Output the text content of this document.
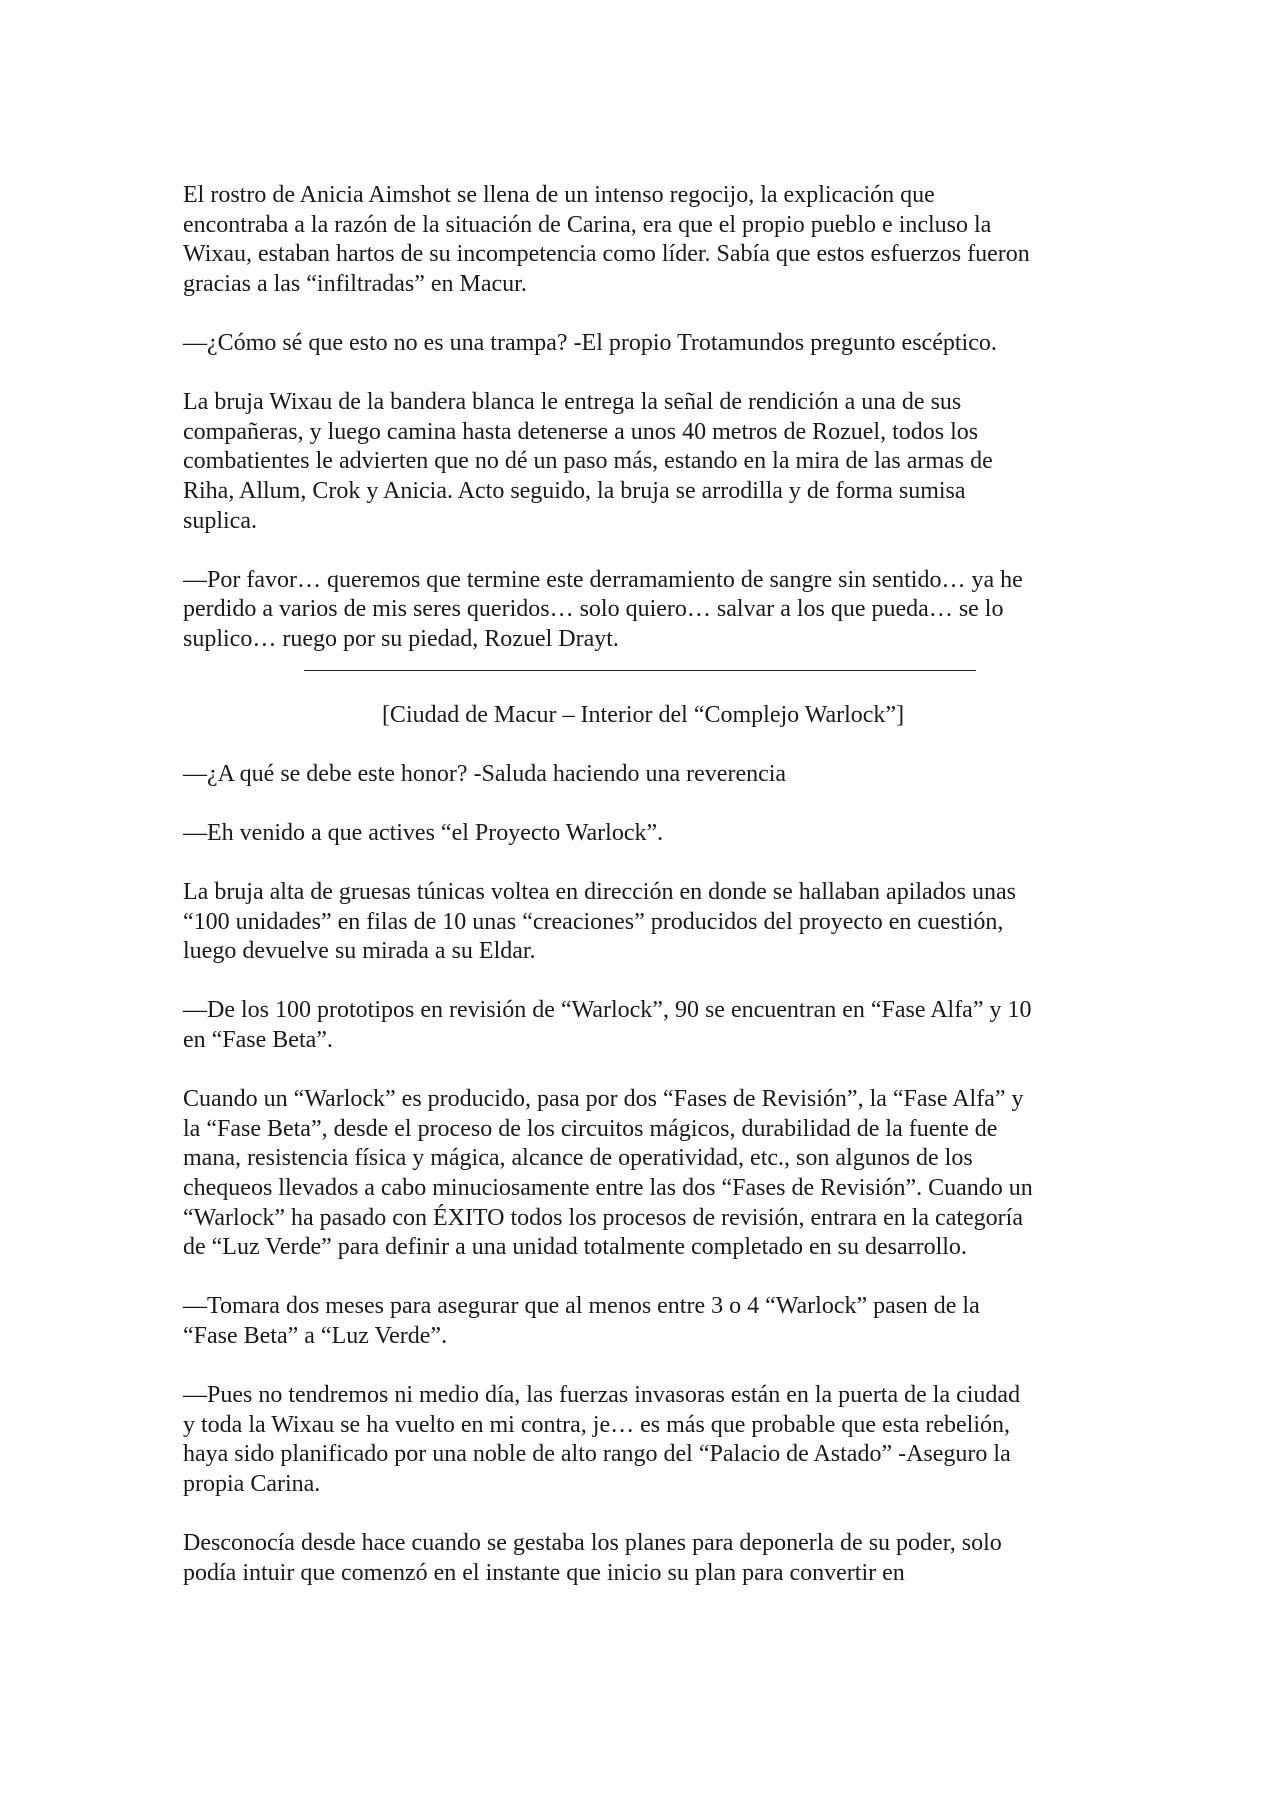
El rostro de Anicia Aimshot se llena de un intenso regocijo, la explicación que
encontraba a la razón de la situación de Carina, era que el propio pueblo e incluso la
Wixau, estaban hartos de su incompetencia como líder. Sabía que estos esfuerzos fueron
gracias a las “infiltradas” en Macur.

—¿Cómo sé que esto no es una trampa? -El propio Trotamundos pregunto escéptico.

La bruja Wixau de la bandera blanca le entrega la señal de rendición a una de sus
compañeras, y luego camina hasta detenerse a unos 40 metros de Rozuel, todos los
combatientes le advierten que no dé un paso más, estando en la mira de las armas de
Riha, Allum, Crok y Anicia. Acto seguido, la bruja se arrodilla y de forma sumisa
suplica.

—Por favor… queremos que termine este derramamiento de sangre sin sentido… ya he
perdido a varios de mis seres queridos… solo quiero… salvar a los que pueda… se lo
suplico… ruego por su piedad, Rozuel Drayt.

[Ciudad de Macur – Interior del “Complejo Warlock”]

—¿A qué se debe este honor? -Saluda haciendo una reverencia

—Eh venido a que actives “el Proyecto Warlock”.

La bruja alta de gruesas túnicas voltea en dirección en donde se hallaban apilados unas
“100 unidades” en filas de 10 unas “creaciones” producidos del proyecto en cuestión,
luego devuelve su mirada a su Eldar.

—De los 100 prototipos en revisión de “Warlock”, 90 se encuentran en “Fase Alfa” y 10
en “Fase Beta”.

Cuando un “Warlock” es producido, pasa por dos “Fases de Revisión”, la “Fase Alfa” y
la “Fase Beta”, desde el proceso de los circuitos mágicos, durabilidad de la fuente de
mana, resistencia física y mágica, alcance de operatividad, etc., son algunos de los
chequeos llevados a cabo minuciosamente entre las dos “Fases de Revisión”. Cuando un
“Warlock” ha pasado con ÉXITO todos los procesos de revisión, entrara en la categoría
de “Luz Verde” para definir a una unidad totalmente completado en su desarrollo.

—Tomara dos meses para asegurar que al menos entre 3 o 4 “Warlock” pasen de la
“Fase Beta” a “Luz Verde”.

—Pues no tendremos ni medio día, las fuerzas invasoras están en la puerta de la ciudad
y toda la Wixau se ha vuelto en mi contra, je… es más que probable que esta rebelión,
haya sido planificado por una noble de alto rango del “Palacio de Astado” -Aseguro la
propia Carina.

Desconocía desde hace cuando se gestaba los planes para deponerla de su poder, solo
podía intuir que comenzó en el instante que inicio su plan para convertir en
